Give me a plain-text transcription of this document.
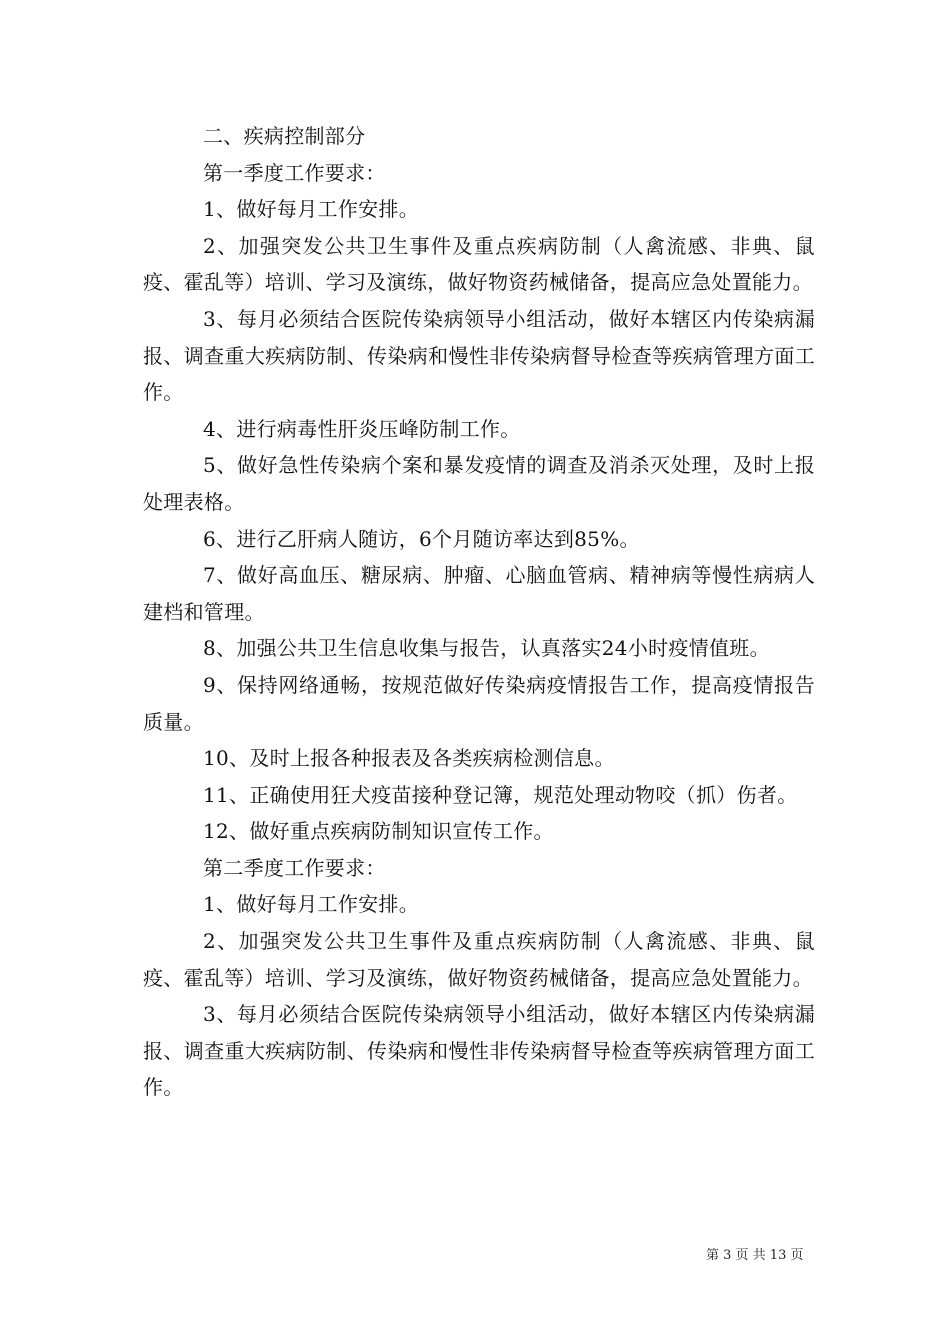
二、疾病控制部分

第一季度工作要求：

1、做好每月工作安排。

2、加强突发公共卫生事件及重点疾病防制（人禽流感、非典、鼠疫、霍乱等）培训、学习及演练，做好物资药械储备，提高应急处置能力。

3、每月必须结合医院传染病领导小组活动，做好本辖区内传染病漏报、调查重大疾病防制、传染病和慢性非传染病督导检查等疾病管理方面工作。

4、进行病毒性肝炎压峰防制工作。

5、做好急性传染病个案和暴发疫情的调查及消杀灭处理，及时上报处理表格。

6、进行乙肝病人随访，6个月随访率达到85%。

7、做好高血压、糖尿病、肿瘤、心脑血管病、精神病等慢性病病人建档和管理。

8、加强公共卫生信息收集与报告，认真落实24小时疫情值班。

9、保持网络通畅，按规范做好传染病疫情报告工作，提高疫情报告质量。

10、及时上报各种报表及各类疾病检测信息。

11、正确使用狂犬疫苗接种登记簿，规范处理动物咬（抓）伤者。

12、做好重点疾病防制知识宣传工作。

第二季度工作要求：

1、做好每月工作安排。

2、加强突发公共卫生事件及重点疾病防制（人禽流感、非典、鼠疫、霍乱等）培训、学习及演练，做好物资药械储备，提高应急处置能力。

3、每月必须结合医院传染病领导小组活动，做好本辖区内传染病漏报、调查重大疾病防制、传染病和慢性非传染病督导检查等疾病管理方面工作。

第 3 页 共 13 页
